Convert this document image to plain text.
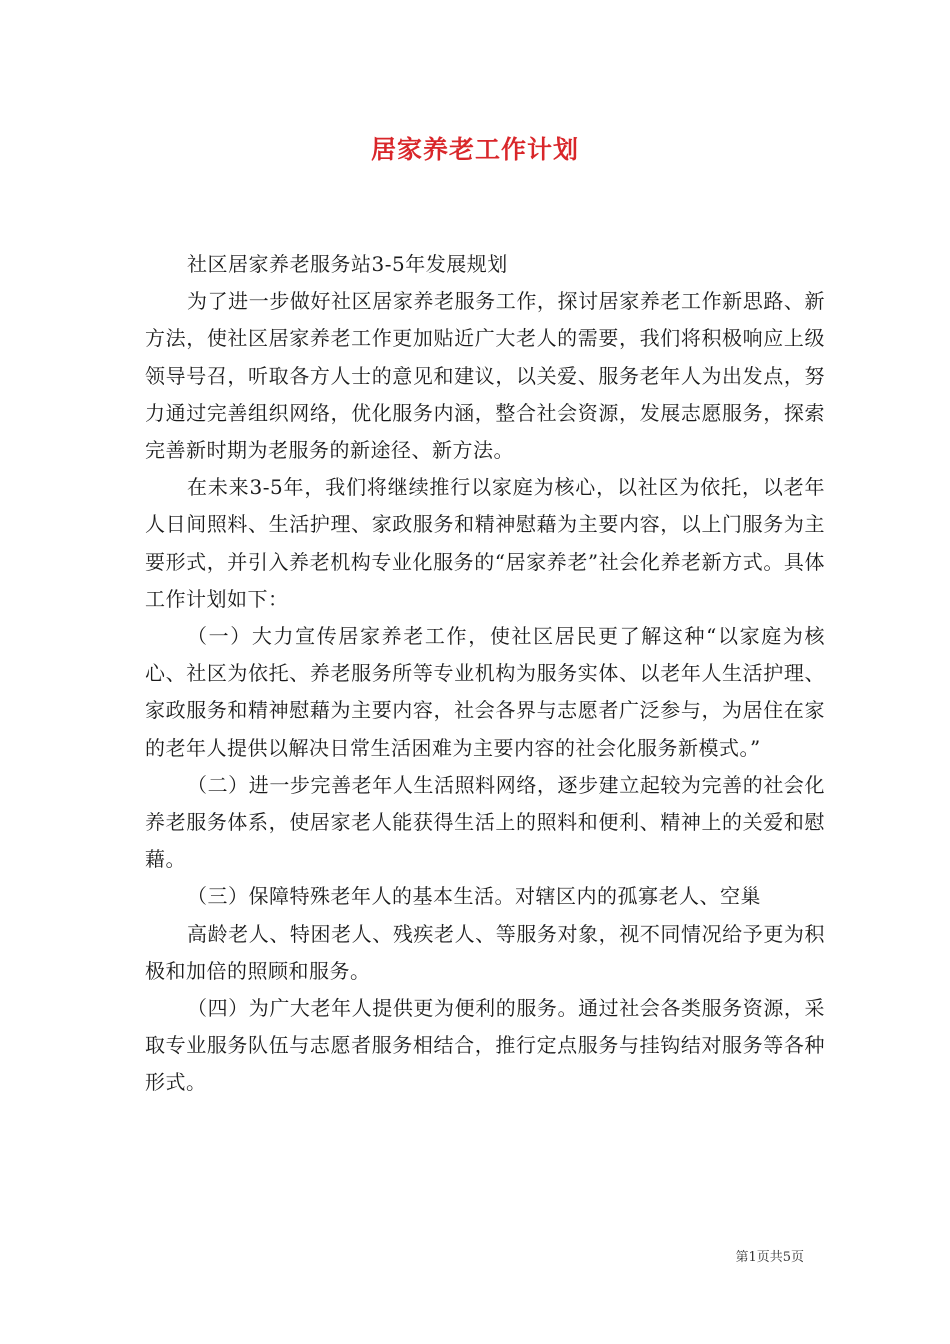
居家养老工作计划

社区居家养老服务站3-5年发展规划

为了进一步做好社区居家养老服务工作，探讨居家养老工作新思路、新方法，使社区居家养老工作更加贴近广大老人的需要，我们将积极响应上级领导号召，听取各方人士的意见和建议，以关爱、服务老年人为出发点，努力通过完善组织网络，优化服务内涵，整合社会资源，发展志愿服务，探索完善新时期为老服务的新途径、新方法。

在未来3-5年，我们将继续推行以家庭为核心，以社区为依托，以老年人日间照料、生活护理、家政服务和精神慰藉为主要内容，以上门服务为主要形式，并引入养老机构专业化服务的“居家养老”社会化养老新方式。具体工作计划如下：

（一）大力宣传居家养老工作，使社区居民更了解这种“以家庭为核心、社区为依托、养老服务所等专业机构为服务实体、以老年人生活护理、家政服务和精神慰藉为主要内容，社会各界与志愿者广泛参与，为居住在家的老年人提供以解决日常生活困难为主要内容的社会化服务新模式。”

（二）进一步完善老年人生活照料网络，逐步建立起较为完善的社会化养老服务体系，使居家老人能获得生活上的照料和便利、精神上的关爱和慰藉。

（三）保障特殊老年人的基本生活。对辖区内的孤寡老人、空巢

高龄老人、特困老人、残疾老人、等服务对象，视不同情况给予更为积极和加倍的照顾和服务。

（四）为广大老年人提供更为便利的服务。通过社会各类服务资源，采取专业服务队伍与志愿者服务相结合，推行定点服务与挂钩结对服务等各种形式。

第1页共5页
